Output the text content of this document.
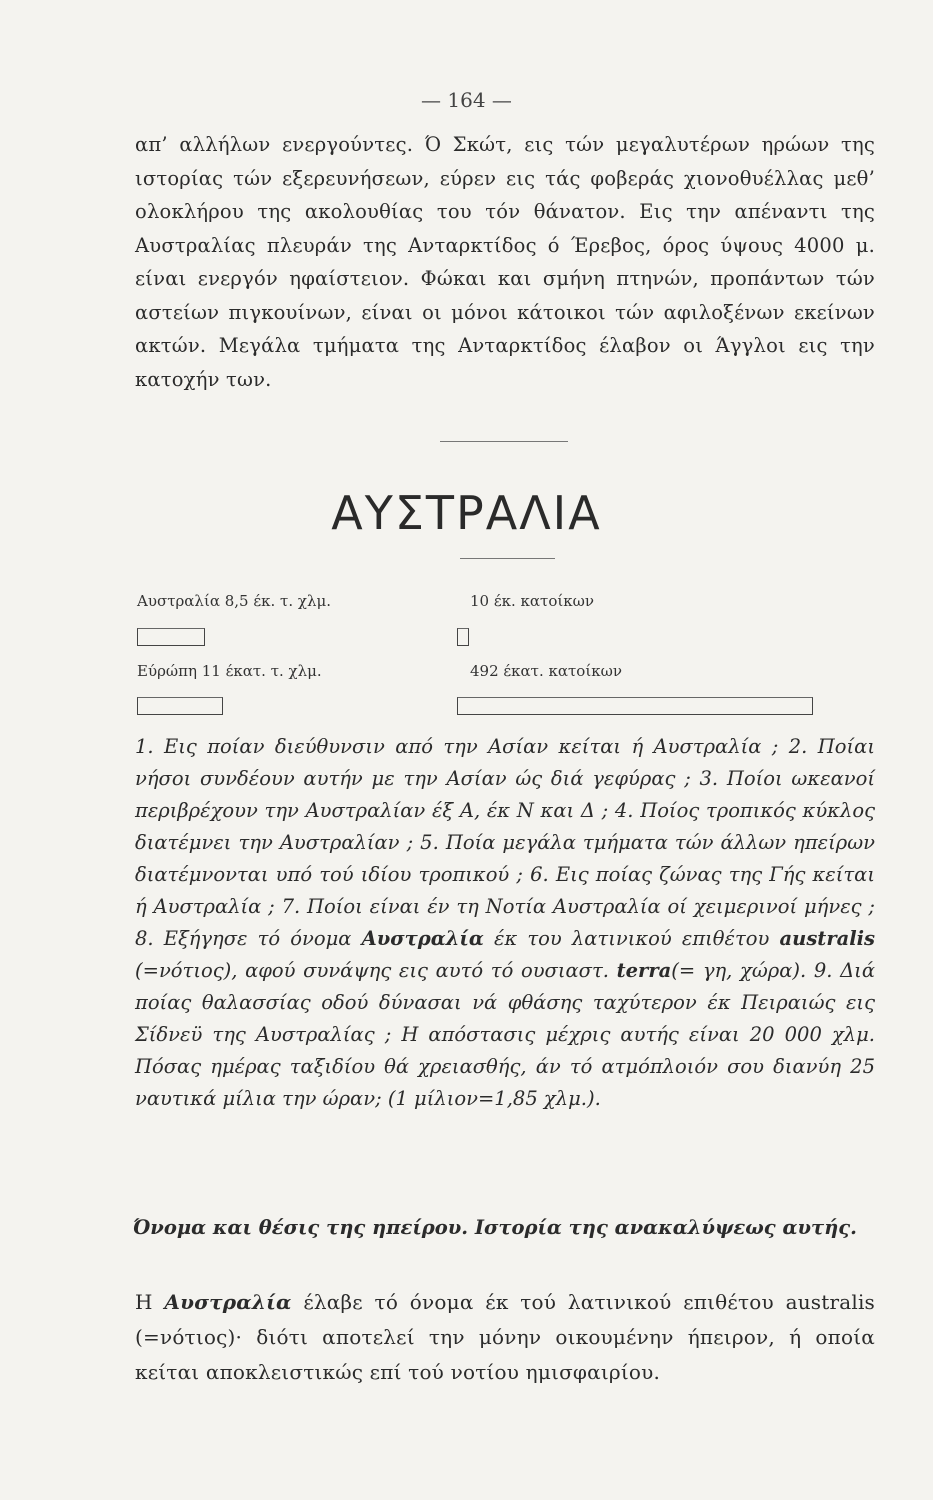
— 164 —
απ’ αλλήλων ενεργούντες. Ό Σκώτ, εις τών μεγαλυτέρων ηρώων της ιστορίας τών εξερευνήσεων, εύρεν εις τάς φοβεράς χιονοθυέλλας μεθ’ ολοκλήρου της ακολουθίας του τόν θάνατον. Εις την απέναντι της Αυστραλίας πλευράν της Ανταρκτίδος ό Έρεβος, όρος ύψους 4000 μ. είναι ενεργόν ηφαίστειον. Φώκαι και σμήνη πτηνών, προπάντων τών αστείων πιγκουίνων, είναι οι μόνοι κάτοικοι τών αφιλοξένων εκείνων ακτών. Μεγάλα τμήματα της Ανταρκτίδος έλαβον οι Άγγλοι εις την κατοχήν των.
ΑΥΣΤΡΑΛΙΑ
Αυστραλία 8,5 έκ. τ. χλμ.	10 έκ. κατοίκων
Εύρώπη 11 έκατ. τ. χλμ.	492 έκατ. κατοίκων
1. Εις ποίαν διεύθυνσιν από την Ασίαν κείται ή Αυστραλία ; 2. Ποίαι νήσοι συνδέουν αυτήν με την Ασίαν ώς διά γεφύρας ; 3. Ποίοι ωκεανοί περιβρέχουν την Αυστραλίαν έξ Α, έκ Ν και Δ ; 4. Ποίος τροπικός κύκλος διατέμνει την Αυστραλίαν ; 5. Ποία μεγάλα τμήματα τών άλλων ηπείρων διατέμνονται υπό τού ιδίου τροπικού ; 6. Εις ποίας ζώνας της Γής κείται ή Αυστραλία ; 7. Ποίοι είναι έν τη Νοτία Αυστραλία οί χειμερινοί μήνες ; 8. Εξήγησε τό όνομα Αυστραλία έκ του λατινικού επιθέτου australis (=νότιος), αφού συνάψης εις αυτό τό ουσιαστ. terra(= γη, χώρα). 9. Διά ποίας θαλασσίας οδού δύνασαι νά φθάσης ταχύτερον έκ Πειραιώς εις Σίδνεϋ της Αυστραλίας ; Η απόστασις μέχρις αυτής είναι 20 000 χλμ. Πόσας ημέρας ταξιδίου θά χρειασθής, άν τό ατμόπλοιόν σου διανύη 25 ναυτικά μίλια την ώραν; (1 μίλιον=1,85 χλμ.).
Όνομα και θέσις της ηπείρου. Ιστορία της ανακαλύψεως αυτής.
Η Αυστραλία έλαβε τό όνομα έκ τού λατινικού επιθέτου australis (=νότιος)· διότι αποτελεί την μόνην οικουμένην ήπειρον, ή οποία κείται αποκλειστικώς επί τού νοτίου ημισφαιρίου.
